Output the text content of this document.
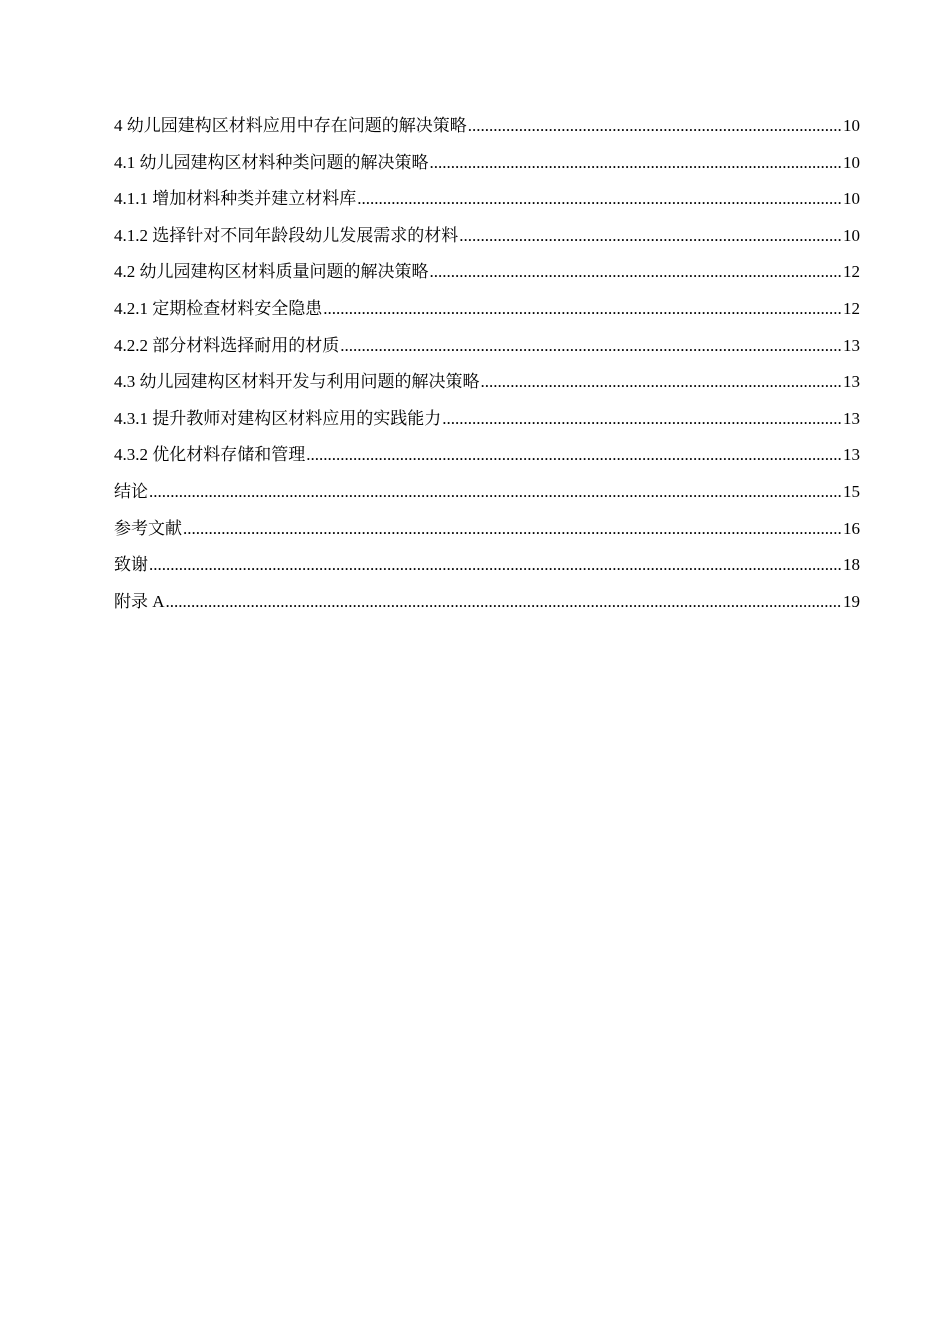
4 幼儿园建构区材料应用中存在问题的解决策略 .....	10
4.1 幼儿园建构区材料种类问题的解决策略 .....	10
4.1.1 增加材料种类并建立材料库 .....	10
4.1.2 选择针对不同年龄段幼儿发展需求的材料 .....	10
4.2 幼儿园建构区材料质量问题的解决策略 .....	12
4.2.1 定期检查材料安全隐患 .....	12
4.2.2 部分材料选择耐用的材质 .....	13
4.3 幼儿园建构区材料开发与利用问题的解决策略 .....	13
4.3.1 提升教师对建构区材料应用的实践能力 .....	13
4.3.2 优化材料存储和管理 .....	13
结论 .....	15
参考文献 .....	16
致谢 .....	18
附录 A .....	19
